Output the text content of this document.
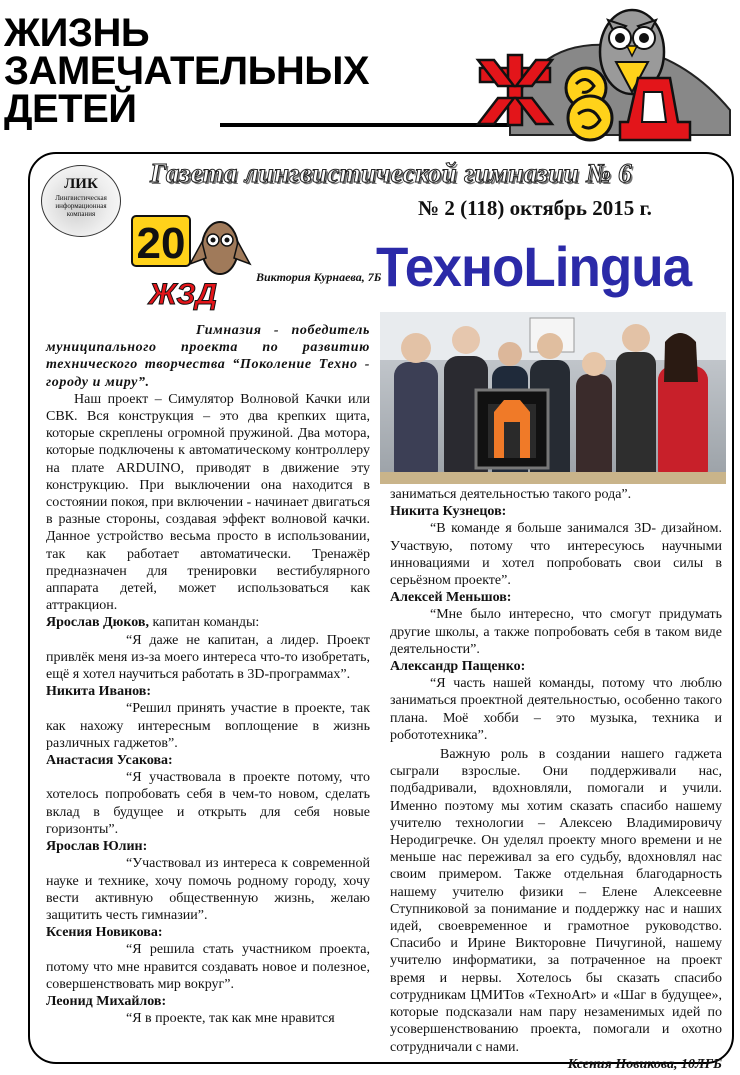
ЖИЗНЬ
ЗАМЕЧАТЕЛЬНЫХ
ДЕТЕЙ
Газета лингвистической гимназии № 6
№ 2 (118) октябрь 2015 г.
ЛИК
Лингвистическая информационная компания
20
ЖЗД
Виктория Курнаева, 7Б
ТехноLingua

Гимназия - победитель муниципального проекта по развитию технического творчества “Поколение Техно - городу и миру”.

Наш проект – Симулятор Волновой Качки или СВК. Вся конструкция – это два крепких щита, которые скреплены огромной пружиной. Два мотора, которые подключены к автоматическому контроллеру на плате ARDUINO, приводят в движение эту конструкцию. При выключении она находится в состоянии покоя, при включении - начинает двигаться в разные стороны, создавая эффект волновой качки. Данное устройство весьма просто в использовании, так как работает автоматически. Тренажёр предназначен для тренировки вестибулярного аппарата детей, может использоваться как аттракцион.

Ярослав Дюков, капитан команды:

“Я даже не капитан, а лидер. Проект привлёк меня из-за моего интереса что-то изобретать, ещё я хотел научиться работать в 3D-программах”.

Никита Иванов:

“Решил принять участие в проекте, так как нахожу интересным воплощение в жизнь различных гаджетов”.

Анастасия Усакова:

“Я участвовала в проекте потому, что хотелось попробовать себя в чем-то новом, сделать вклад в будущее и открыть для себя новые горизонты”.

Ярослав Юлин:

“Участвовал из интереса к современной науке и технике, хочу помочь родному городу, хочу вести активную общественную жизнь, желаю защитить честь гимназии”.

Ксения Новикова:

“Я решила стать участником проекта, потому что мне нравится создавать новое и полезное, совершенствовать мир вокруг”.

Леонид Михайлов:

“Я в проекте, так как мне нравится

заниматься деятельностью такого рода”.

Никита Кузнецов:

“В команде я больше занимался 3D- дизайном. Участвую, потому что интересуюсь научными инновациями и хотел попробовать свои силы в серьёзном проекте”.

Алексей Меньшов:

“Мне было интересно, что смогут придумать другие школы, а также попробовать себя в таком виде деятельности”.

Александр Пащенко:

“Я часть нашей команды, потому что люблю заниматься проектной деятельностью, особенно такого плана. Моё хобби – это музыка, техника и робототехника”.

Важную роль в создании нашего гаджета сыграли взрослые. Они поддерживали нас, подбадривали, вдохновляли, помогали и учили. Именно поэтому мы хотим сказать спасибо нашему учителю технологии – Алексею Владимировичу Неродигречке. Он уделял проекту много времени и не меньше нас переживал за его судьбу, вдохновлял нас своим примером. Также отдельная благодарность нашему учителю физики – Елене Алексеевне Ступниковой за понимание и поддержку нас и наших идей, своевременное и грамотное руководство. Спасибо и Ирине Викторовне Пичугиной, нашему учителю информатики, за потраченное на проект время и нервы. Хотелось бы сказать спасибо сотрудникам ЦМИТов «ТехноArt» и «Шаг в будущее», которые подсказали нам пару незаменимых идей по усовершенствованию проекта, помогали и охотно сотрудничали с нами.

Ксения Новикова, 10ЛГБ
